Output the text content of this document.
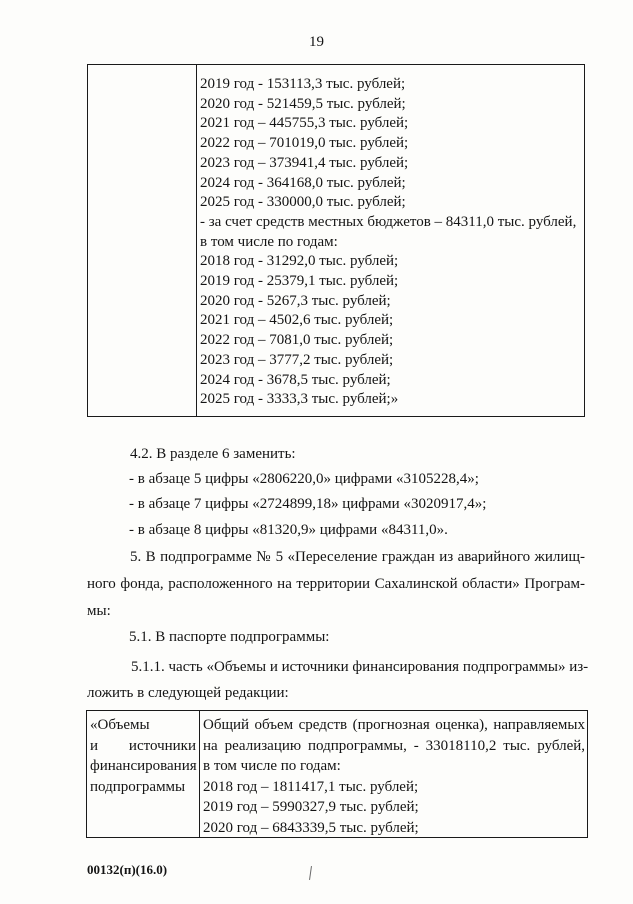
19
2019 год - 153113,3 тыс. рублей;
2020 год - 521459,5 тыс. рублей;
2021 год – 445755,3 тыс. рублей;
2022 год – 701019,0 тыс. рублей;
2023 год – 373941,4 тыс. рублей;
2024 год - 364168,0 тыс. рублей;
2025 год - 330000,0 тыс. рублей;
- за счет средств местных бюджетов – 84311,0 тыс. рублей,
в том числе по годам:
2018 год - 31292,0 тыс. рублей;
2019 год - 25379,1 тыс. рублей;
2020 год - 5267,3 тыс. рублей;
2021 год – 4502,6 тыс. рублей;
2022 год – 7081,0 тыс. рублей;
2023 год – 3777,2 тыс. рублей;
2024 год - 3678,5 тыс. рублей;
2025 год - 3333,3 тыс. рублей;»
4.2. В разделе 6 заменить:
- в абзаце 5 цифры «2806220,0» цифрами «3105228,4»;
- в абзаце 7 цифры «2724899,18» цифрами «3020917,4»;
- в абзаце 8 цифры «81320,9» цифрами «84311,0».
5. В подпрограмме № 5 «Переселение граждан из аварийного жилищ-
ного фонда, расположенного на территории Сахалинской области» Програм-
мы:
5.1. В паспорте подпрограммы:
5.1.1. часть «Объемы и источники финансирования подпрограммы» из-
ложить в следующей редакции:
«Объемы
и источники
финансирования
подпрограммы
Общий объем средств (прогнозная оценка), направляемых
на реализацию подпрограммы, - 33018110,2 тыс. рублей,
в том числе по годам:
2018 год – 1811417,1 тыс. рублей;
2019 год – 5990327,9 тыс. рублей;
2020 год – 6843339,5 тыс. рублей;
00132(п)(16.0)
